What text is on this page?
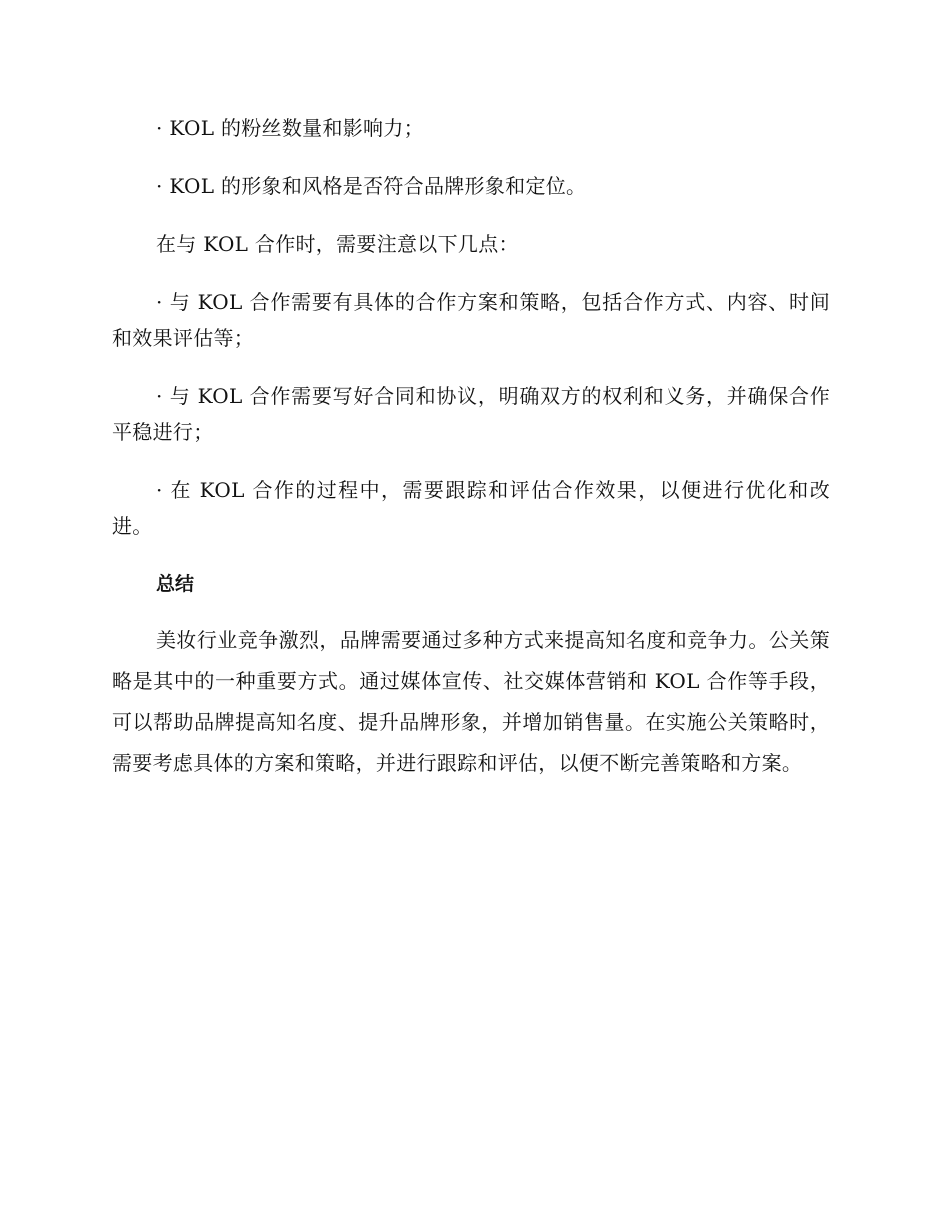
· KOL 的粉丝数量和影响力；

· KOL 的形象和风格是否符合品牌形象和定位。

在与 KOL 合作时，需要注意以下几点：

· 与 KOL 合作需要有具体的合作方案和策略，包括合作方式、内容、时间和效果评估等；

· 与 KOL 合作需要写好合同和协议，明确双方的权利和义务，并确保合作平稳进行；

· 在 KOL 合作的过程中，需要跟踪和评估合作效果，以便进行优化和改进。

总结

美妆行业竞争激烈，品牌需要通过多种方式来提高知名度和竞争力。公关策略是其中的一种重要方式。通过媒体宣传、社交媒体营销和 KOL 合作等手段，可以帮助品牌提高知名度、提升品牌形象，并增加销售量。在实施公关策略时，需要考虑具体的方案和策略，并进行跟踪和评估，以便不断完善策略和方案。
